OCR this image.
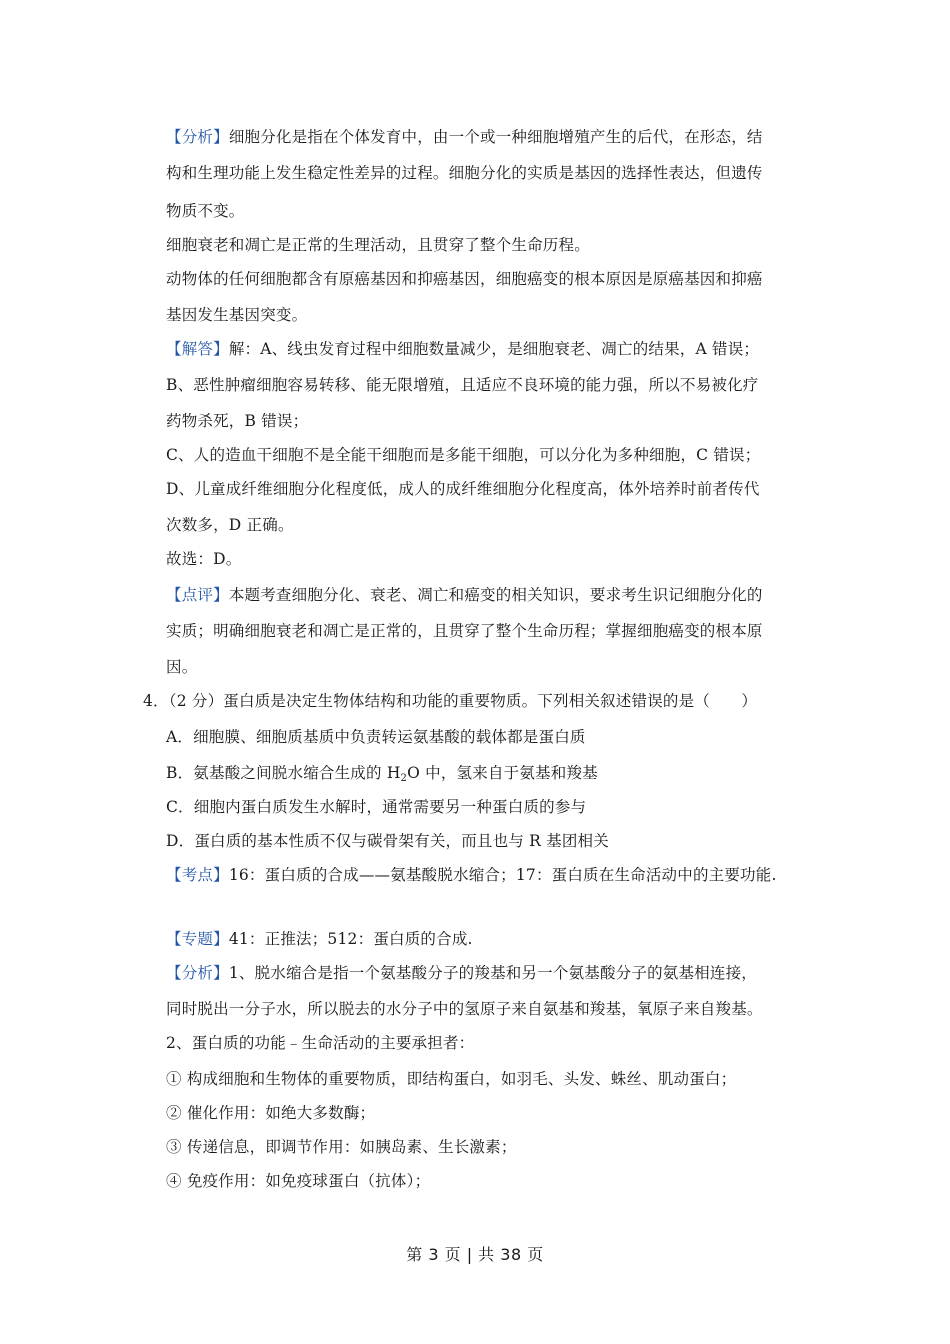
【分析】细胞分化是指在个体发育中，由一个或一种细胞增殖产生的后代，在形态，结
构和生理功能上发生稳定性差异的过程。细胞分化的实质是基因的选择性表达，但遗传
物质不变。
细胞衰老和凋亡是正常的生理活动，且贯穿了整个生命历程。
动物体的任何细胞都含有原癌基因和抑癌基因，细胞癌变的根本原因是原癌基因和抑癌
基因发生基因突变。
【解答】解：A、线虫发育过程中细胞数量减少，是细胞衰老、凋亡的结果，A 错误；
B、恶性肿瘤细胞容易转移、能无限增殖，且适应不良环境的能力强，所以不易被化疗
药物杀死，B 错误；
C、人的造血干细胞不是全能干细胞而是多能干细胞，可以分化为多种细胞，C 错误；
D、儿童成纤维细胞分化程度低，成人的成纤维细胞分化程度高，体外培养时前者传代
次数多，D 正确。
故选：D。
【点评】本题考查细胞分化、衰老、凋亡和癌变的相关知识，要求考生识记细胞分化的
实质；明确细胞衰老和凋亡是正常的，且贯穿了整个生命历程；掌握细胞癌变的根本原
因。
4．（2 分）蛋白质是决定生物体结构和功能的重要物质。下列相关叙述错误的是（　　）
A．细胞膜、细胞质基质中负责转运氨基酸的载体都是蛋白质
B．氨基酸之间脱水缩合生成的 $H_2O$ 中，氢来自于氨基和羧基
C．细胞内蛋白质发生水解时，通常需要另一种蛋白质的参与
D．蛋白质的基本性质不仅与碳骨架有关，而且也与 R 基团相关
【考点】16：蛋白质的合成——氨基酸脱水缩合；17：蛋白质在生命活动中的主要功能.
【专题】41：正推法；512：蛋白质的合成.
【分析】1、脱水缩合是指一个氨基酸分子的羧基和另一个氨基酸分子的氨基相连接，
同时脱出一分子水，所以脱去的水分子中的氢原子来自氨基和羧基，氧原子来自羧基。
2、蛋白质的功能﹣生命活动的主要承担者：
① 构成细胞和生物体的重要物质，即结构蛋白，如羽毛、头发、蛛丝、肌动蛋白；
② 催化作用：如绝大多数酶；
③ 传递信息，即调节作用：如胰岛素、生长激素；
④ 免疫作用：如免疫球蛋白（抗体）；
第 3 页 | 共 38 页
